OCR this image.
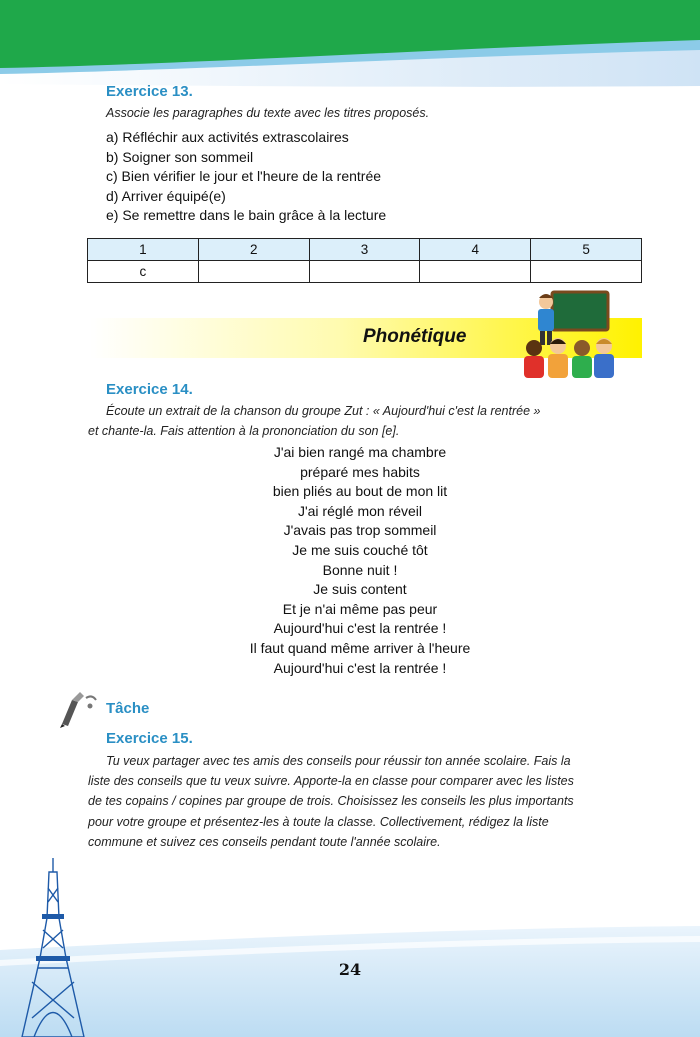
Exercice 13.
Associe les paragraphes du texte avec les titres proposés.
a) Réfléchir aux activités extrascolaires
b) Soigner son sommeil
c) Bien vérifier le jour et l'heure de la rentrée
d) Arriver équipé(e)
e) Se remettre dans le bain grâce à la lecture
1	2	3	4	5
c				
Phonétique
Exercice 14.
Écoute un extrait de la chanson du groupe Zut : « Aujourd'hui c'est la rentrée »
et chante-la. Fais attention à la prononciation du son [e].
J'ai bien rangé ma chambre
préparé mes habits
bien pliés au bout de mon lit
J'ai réglé mon réveil
J'avais pas trop sommeil
Je me suis couché tôt
Bonne nuit !
Je suis content
Et je n'ai même pas peur
Aujourd'hui c'est la rentrée !
Il faut quand même arriver à l'heure
Aujourd'hui c'est la rentrée !
Tâche
Exercice 15.
Tu veux partager avec tes amis des conseils pour réussir ton année scolaire. Fais la
liste des conseils que tu veux suivre. Apporte-la en classe pour comparer avec les listes
de tes copains / copines par groupe de trois. Choisissez les conseils les plus importants
pour votre groupe et présentez-les à toute la classe. Collectivement, rédigez la liste
commune et suivez ces conseils pendant toute l'année scolaire.
24
